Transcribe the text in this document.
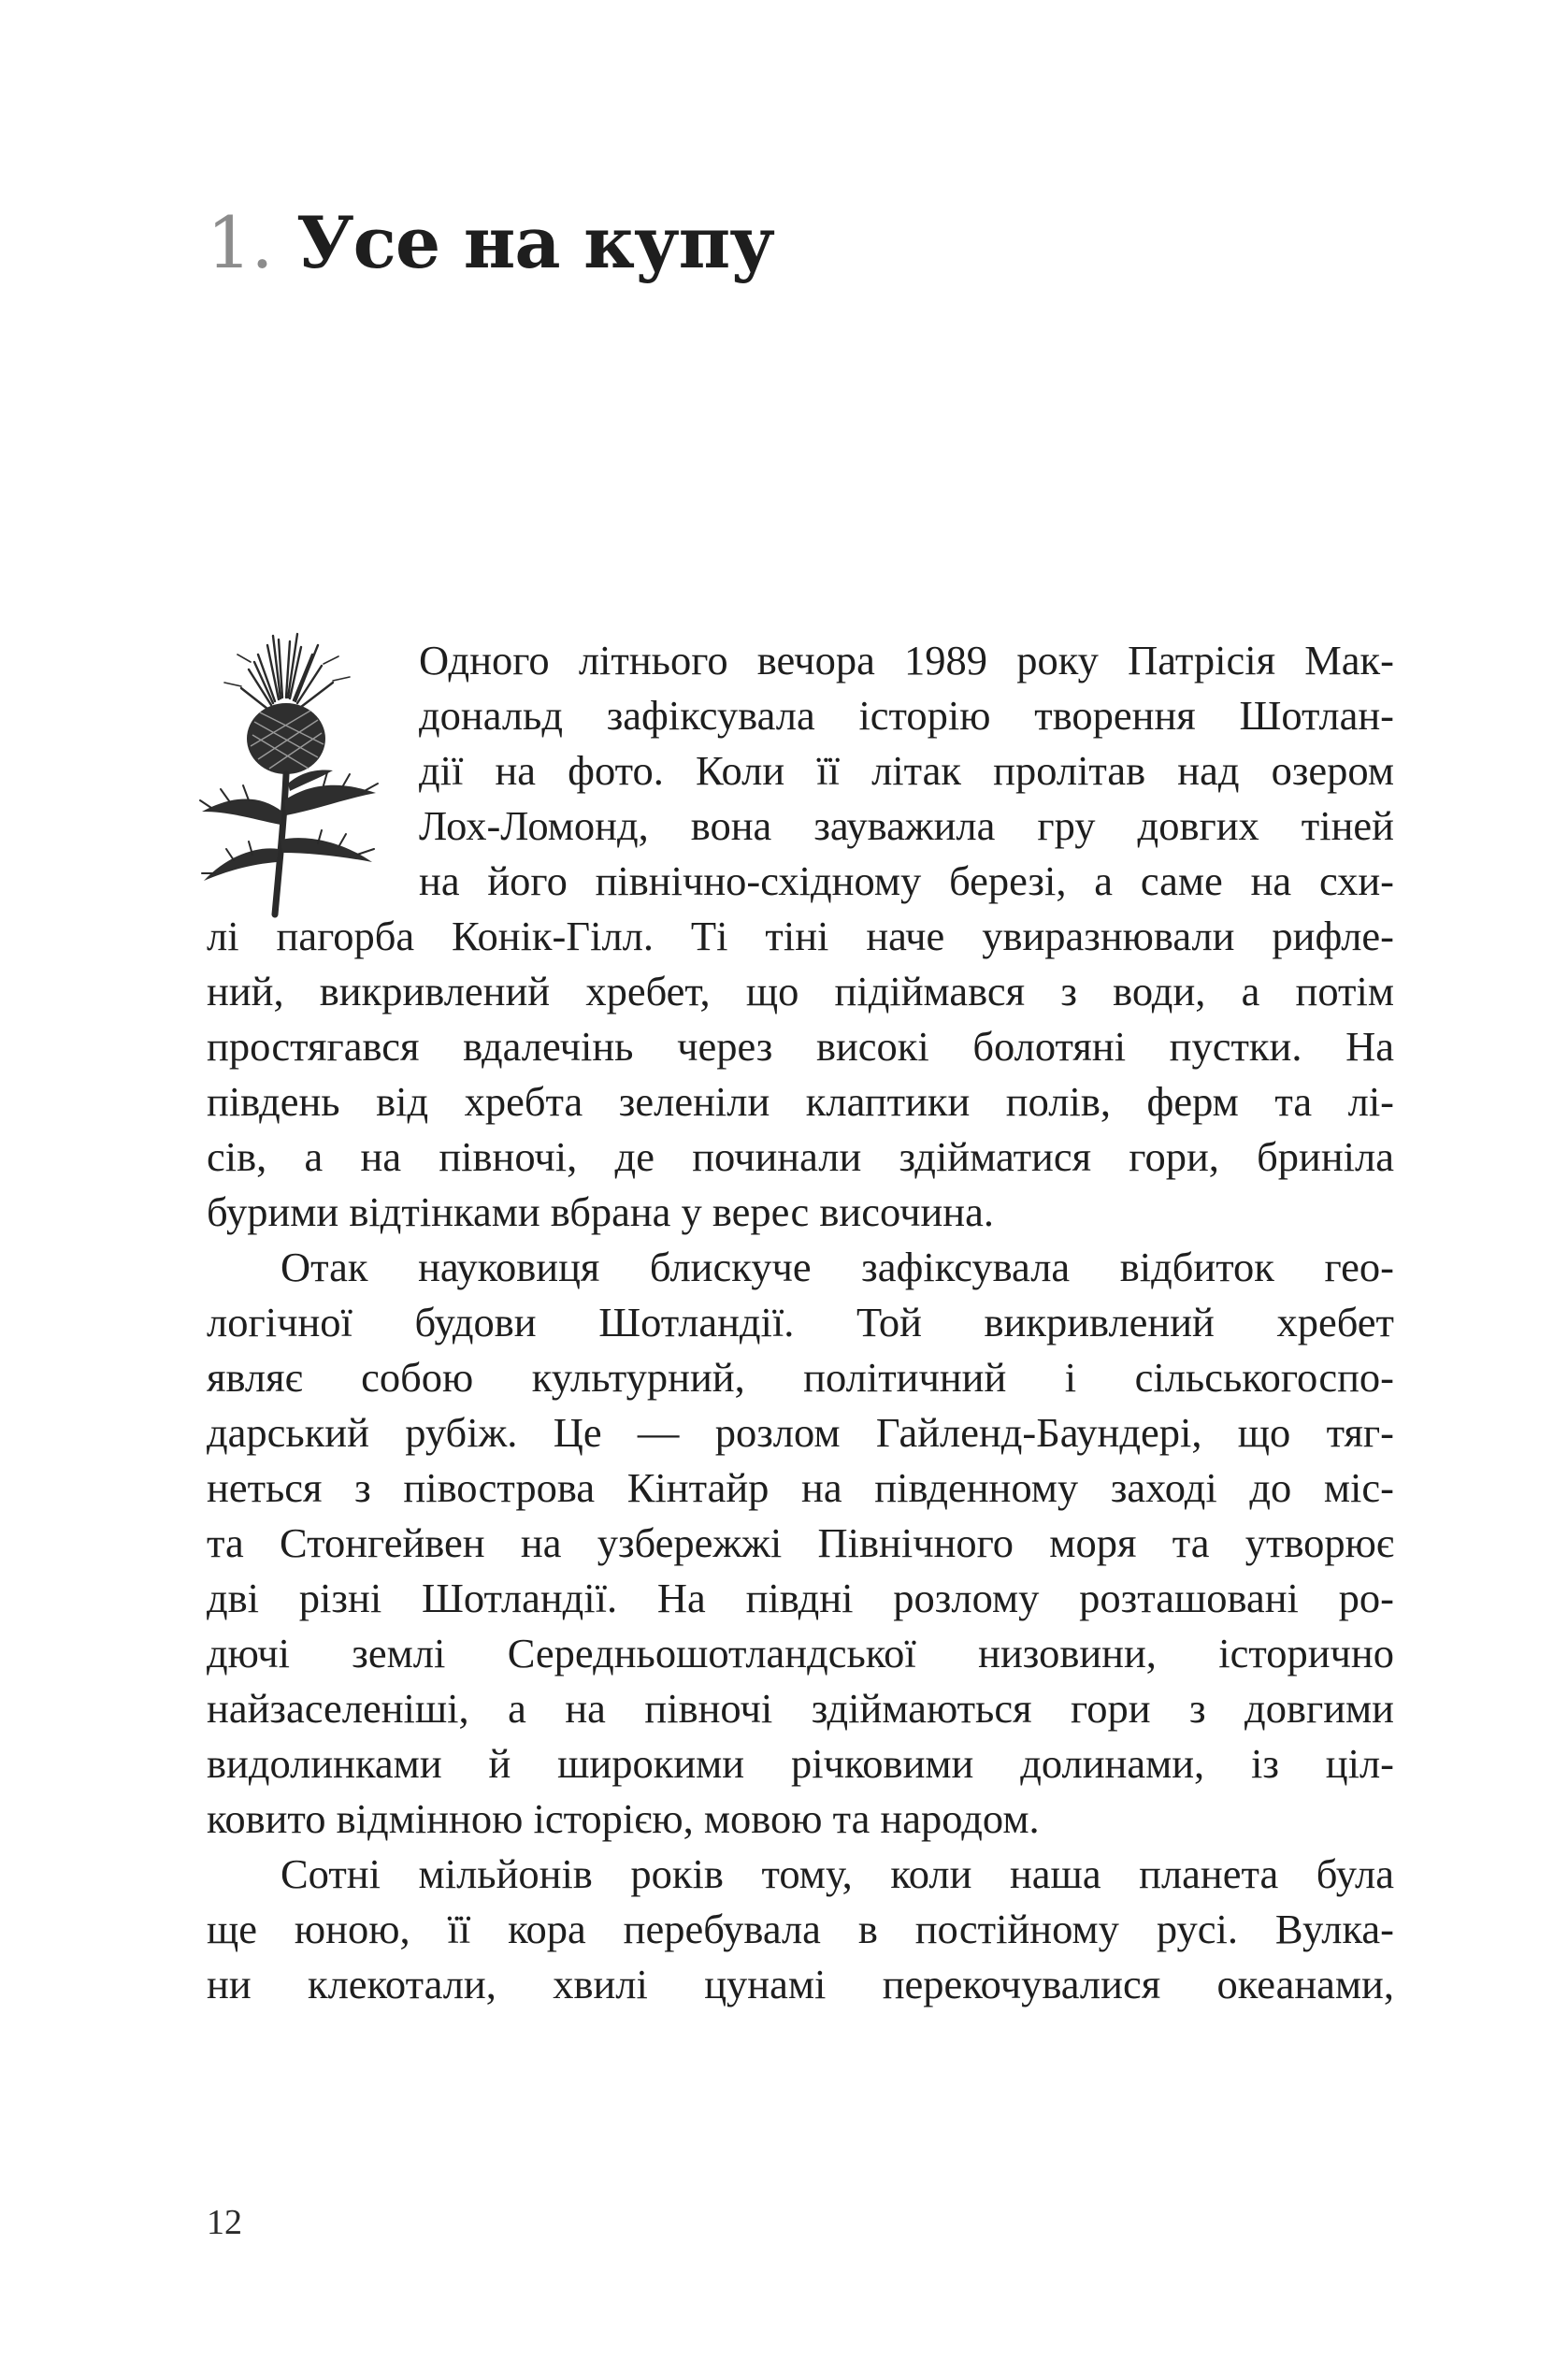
1. Усе на купу
Одного літнього вечора 1989 року Патрісія Мак-
дональд зафіксувала історію творення Шотлан-
дії на фото. Коли її літак пролітав над озером
Лох-Ломонд, вона зауважила гру довгих тіней
на його північно-східному березі, а саме на схи-
лі пагорба Конік-Гілл. Ті тіні наче увиразнювали рифле-
ний, викривлений хребет, що підіймався з води, а потім
простягався вдалечінь через високі болотяні пустки. На
південь від хребта зеленіли клаптики полів, ферм та лі-
сів, а на півночі, де починали здійматися гори, бриніла
бурими відтінками вбрана у верес височина.
Отак науковиця блискуче зафіксувала відбиток гео-
логічної будови Шотландії. Той викривлений хребет
являє собою культурний, політичний і сільськогоспо-
дарський рубіж. Це — розлом Гайленд-Баундері, що тяг-
неться з півострова Кінтайр на південному заході до міс-
та Стонгейвен на узбережжі Північного моря та утворює
дві різні Шотландії. На півдні розлому розташовані ро-
дючі землі Середньошотландської низовини, історично
найзаселеніші, а на півночі здіймаються гори з довгими
видолинками й широкими річковими долинами, із ціл-
ковито відмінною історією, мовою та народом.
Сотні мільйонів років тому, коли наша планета була
ще юною, її кора перебувала в постійному русі. Вулка-
ни клекотали, хвилі цунамі перекочувалися океанами,

12
